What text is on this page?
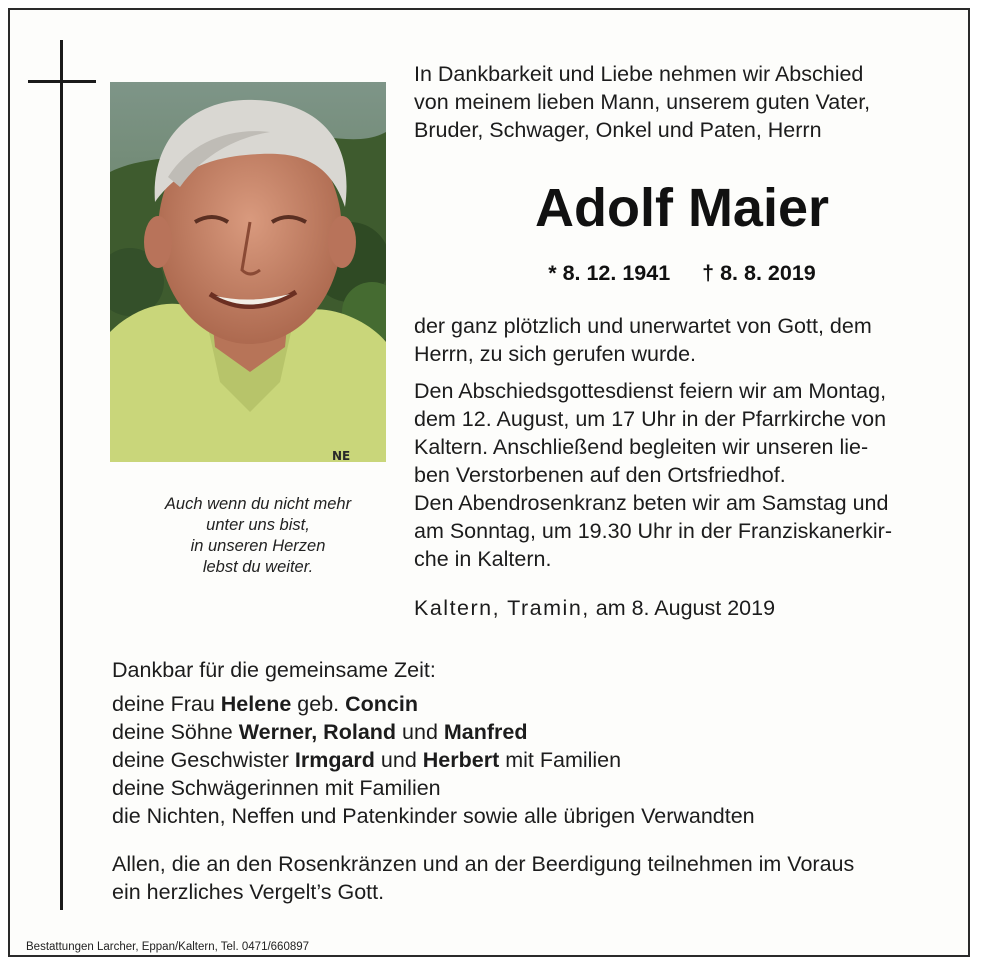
NE
Auch wenn du nicht mehr
unter uns bist,
in unseren Herzen
lebst du weiter.
In Dankbarkeit und Liebe nehmen wir Abschied
von meinem lieben Mann, unserem guten Vater,
Bruder, Schwager, Onkel und Paten, Herrn
Adolf Maier
* 8. 12. 1941 † 8. 8. 2019
der ganz plötzlich und unerwartet von Gott, dem
Herrn, zu sich gerufen wurde.
Den Abschiedsgottesdienst feiern wir am Montag,
dem 12. August, um 17 Uhr in der Pfarrkirche von
Kaltern. Anschließend begleiten wir unseren lie-
ben Verstorbenen auf den Ortsfriedhof.
Den Abendrosenkranz beten wir am Samstag und
am Sonntag, um 19.30 Uhr in der Franziskanerkir-
che in Kaltern.
Kaltern, Tramin, am 8. August 2019
Dankbar für die gemeinsame Zeit:
deine Frau Helene geb. Concin
deine Söhne Werner, Roland und Manfred
deine Geschwister Irmgard und Herbert mit Familien
deine Schwägerinnen mit Familien
die Nichten, Neffen und Patenkinder sowie alle übrigen Verwandten
Allen, die an den Rosenkränzen und an der Beerdigung teilnehmen im Voraus
ein herzliches Vergelt’s Gott.
Bestattungen Larcher, Eppan/Kaltern, Tel. 0471/660897
